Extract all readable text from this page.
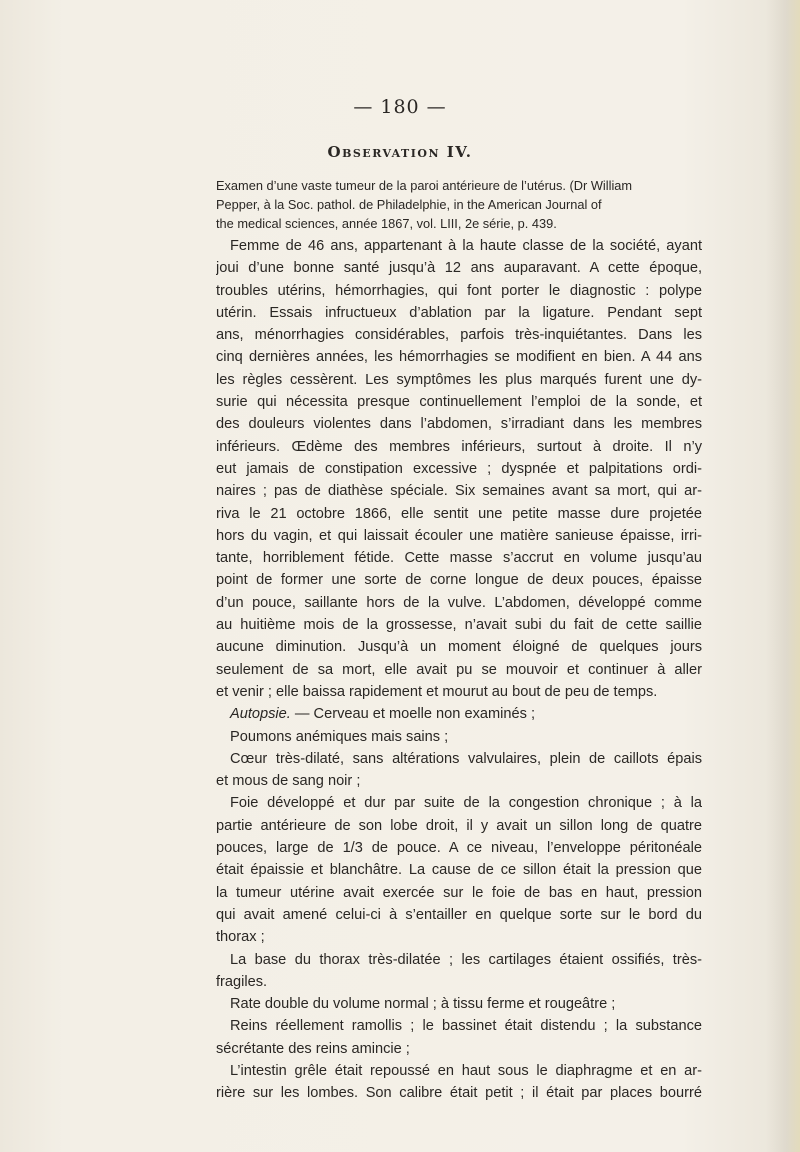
— 180 —
Observation IV.
Examen d’une vaste tumeur de la paroi antérieure de l’utérus. (Dr William
Pepper, à la Soc. pathol. de Philadelphie, in the American Journal of
the medical sciences, année 1867, vol. LIII, 2e série, p. 439.
Femme de 46 ans, appartenant à la haute classe de la société, ayant
joui d’une bonne santé jusqu’à 12 ans auparavant. A cette époque,
troubles utérins, hémorrhagies, qui font porter le diagnostic : polype
utérin. Essais infructueux d’ablation par la ligature. Pendant sept
ans, ménorrhagies considérables, parfois très-inquiétantes. Dans les
cinq dernières années, les hémorrhagies se modifient en bien. A 44 ans
les règles cessèrent. Les symptômes les plus marqués furent une dy-
surie qui nécessita presque continuellement l’emploi de la sonde, et
des douleurs violentes dans l’abdomen, s’irradiant dans les membres
inférieurs. Œdème des membres inférieurs, surtout à droite. Il n’y
eut jamais de constipation excessive ; dyspnée et palpitations ordi-
naires ; pas de diathèse spéciale. Six semaines avant sa mort, qui ar-
riva le 21 octobre 1866, elle sentit une petite masse dure projetée
hors du vagin, et qui laissait écouler une matière sanieuse épaisse, irri-
tante, horriblement fétide. Cette masse s’accrut en volume jusqu’au
point de former une sorte de corne longue de deux pouces, épaisse
d’un pouce, saillante hors de la vulve. L’abdomen, développé comme
au huitième mois de la grossesse, n’avait subi du fait de cette saillie
aucune diminution. Jusqu’à un moment éloigné de quelques jours
seulement de sa mort, elle avait pu se mouvoir et continuer à aller
et venir ; elle baissa rapidement et mourut au bout de peu de temps.
Autopsie. — Cerveau et moelle non examinés ;
Poumons anémiques mais sains ;
Cœur très-dilaté, sans altérations valvulaires, plein de caillots épais
et mous de sang noir ;
Foie développé et dur par suite de la congestion chronique ; à la
partie antérieure de son lobe droit, il y avait un sillon long de quatre
pouces, large de 1/3 de pouce. A ce niveau, l’enveloppe péritonéale
était épaissie et blanchâtre. La cause de ce sillon était la pression que
la tumeur utérine avait exercée sur le foie de bas en haut, pression
qui avait amené celui-ci à s’entailler en quelque sorte sur le bord du
thorax ;
La base du thorax très-dilatée ; les cartilages étaient ossifiés, très-
fragiles.
Rate double du volume normal ; à tissu ferme et rougeâtre ;
Reins réellement ramollis ; le bassinet était distendu ; la substance
sécrétante des reins amincie ;
L’intestin grêle était repoussé en haut sous le diaphragme et en ar-
rière sur les lombes. Son calibre était petit ; il était par places bourré
